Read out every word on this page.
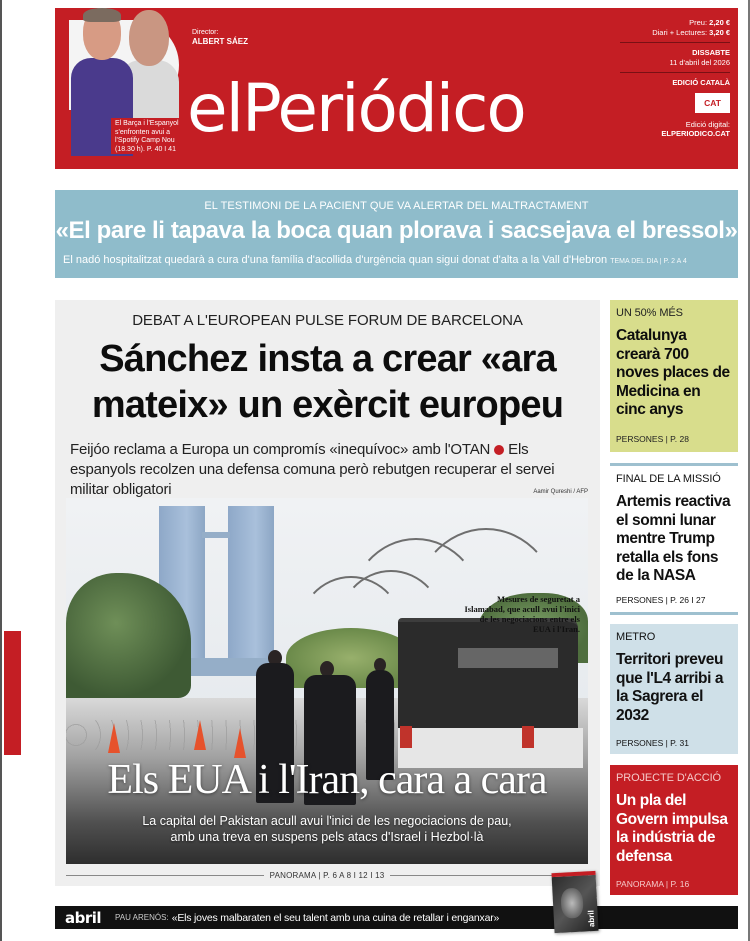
El Barça i l'Espanyol s'enfronten avui a l'Spotify Camp Nou (18.30 h). P. 40 I 41
Director:
ALBERT SÁEZ
elPeriódico
Preu: 2,20 €
Diari + Lectures: 3,20 €
DISSABTE
11 d'abril del 2026
EDICIÓ CATALÀ
CAT
Edició digital:
ELPERIODICO.CAT
EL TESTIMONI DE LA PACIENT QUE VA ALERTAR DEL MALTRACTAMENT
«El pare li tapava la boca quan plorava i sacsejava el bressol»
El nadó hospitalitzat quedarà a cura d'una família d'acollida d'urgència quan sigui donat d'alta a la Vall d'Hebron TEMA DEL DIA | P. 2 A 4
DEBAT A L'EUROPEAN PULSE FORUM DE BARCELONA
Sánchez insta a crear «ara
mateix» un exèrcit europeu
Feijóo reclama a Europa un compromís «inequívoc» amb l'OTAN Els espanyols recolzen una defensa comuna però rebutgen recuperar el servei militar obligatori	Aamir Qureshi / AFP
Mesures de seguretat a Islamabad, que acull avui l'inici de les negociacions entre els EUA i l'Iran.
Els EUA i l'Iran, cara a cara
La capital del Pakistan acull avui l'inici de les negociacions de pau,
amb una treva en suspens pels atacs d'Israel i Hezbol·là
PANORAMA | P. 6 A 8 I 12 I 13
UN 50% MÉS
Catalunya crearà 700 noves places de Medicina en cinc anys
PERSONES | P. 28
FINAL DE LA MISSIÓ
Artemis reactiva el somni lunar mentre Trump retalla els fons de la NASA
PERSONES | P. 26 I 27
METRO
Territori preveu que l'L4 arribi a la Sagrera el 2032
PERSONES | P. 31
PROJECTE D'ACCIÓ
Un pla del Govern impulsa la indústria de defensa
PANORAMA | P. 16
abril PAU ARENÓS: «Els joves malbaraten el seu talent amb una cuina de retallar i enganxar»	abril
